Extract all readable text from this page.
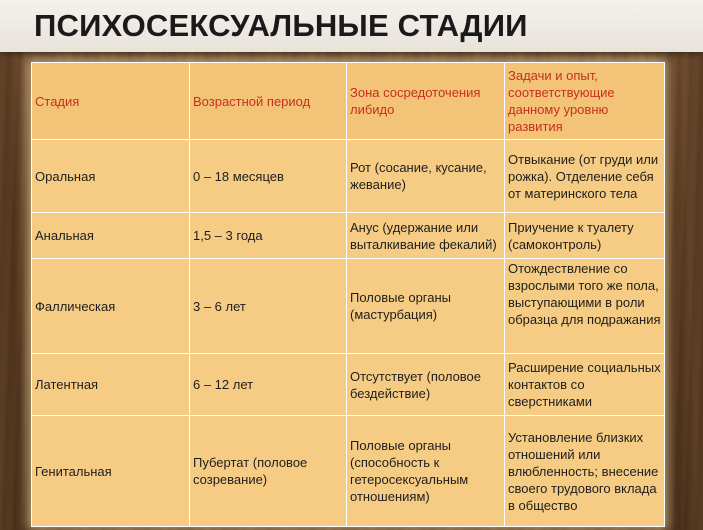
ПСИХОСЕКСУАЛЬНЫЕ СТАДИИ
Стадия	Возрастной период	Зона сосредоточения либидо	Задачи и опыт, соответствующие данному уровню развития
Оральная	0 – 18 месяцев	Рот (сосание, кусание, жевание)	Отвыкание (от груди или рожка). Отделение себя от материнского тела
Анальная	1,5 – 3 года	Анус (удержание или выталкивание фекалий)	Приучение к туалету (самоконтроль)
Фаллическая	3 – 6 лет	Половые органы (мастурбация)	Отождествление со взрослыми того же пола, выступающими в роли образца для подражания
Латентная	6 – 12 лет	Отсутствует (половое бездействие)	Расширение социальных контактов со сверстниками
Генитальная	Пубертат (половое созревание)	Половые органы (способность к гетеросексуальным отношениям)	Установление близких отношений или влюбленность; внесение своего трудового вклада в общество
